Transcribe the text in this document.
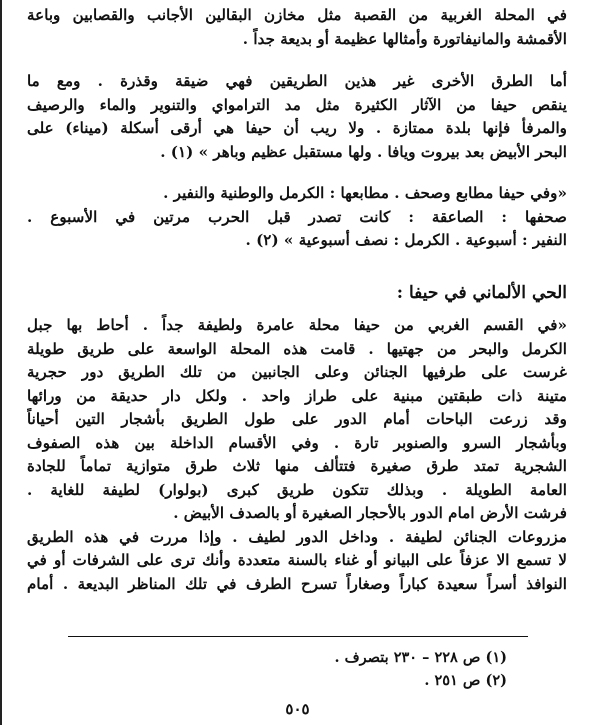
في المحلة الغربية من القصبة مثل مخازن البقالين الأجانب والقصابين وباعة
الأقمشة والمانيفاتورة وأمثالها عظيمة أو بديعة جداً .
أما الطرق الأخرى غير هذين الطريقين فهي ضيقة وقذرة . ومع ما
ينقص حيفا من الآثار الكثيرة مثل مد الترامواي والتنوير والماء والرصيف
والمرفأ فإنها بلدة ممتازة . ولا ريب أن حيفا هي أرقى أسكلة (ميناء) على
البحر الأبيض بعد بيروت ويافا . ولها مستقبل عظيم وباهر » (١) .
«وفي حيفا مطابع وصحف . مطابعها : الكرمل والوطنية والنفير .
صحفها : الصاعقة : كانت تصدر قبل الحرب مرتين في الأسبوع .
النفير : أسبوعية . الكرمل : نصف أسبوعية » (٢) .
الحي الألماني في حيفا :
«في القسم الغربي من حيفا محلة عامرة ولطيفة جداً . أحاط بها جبل
الكرمل والبحر من جهتيها . قامت هذه المحلة الواسعة على طريق طويلة
غرست على طرفيها الجنائن وعلى الجانبين من تلك الطريق دور حجرية
متينة ذات طبقتين مبنية على طراز واحد . ولكل دار حديقة من ورائها
وقد زرعت الباحات أمام الدور على طول الطريق بأشجار التين أحياناً
وبأشجار السرو والصنوبر تارة . وفي الأقسام الداخلة بين هذه الصفوف
الشجرية تمتد طرق صغيرة فتتألف منها ثلاث طرق متوازية تماماً للجادة
العامة الطويلة . وبذلك تتكون طريق كبرى (بولوار) لطيفة للغاية .
فرشت الأرض امام الدور بالأحجار الصغيرة أو بالصدف الأبيض .
مزروعات الجنائن لطيفة . وداخل الدور لطيف . وإذا مررت في هذه الطريق
لا تسمع الا عزفاً على البيانو أو غناء بالسنة متعددة وأنك ترى على الشرفات أو في
النوافذ أسراً سعيدة كباراً وصغاراً تسرح الطرف في تلك المناظر البديعة . أمام
(١) ص ٢٢٨ – ٢٣٠ بتصرف .
(٢) ص ٢٥١ .
٥٠٥
